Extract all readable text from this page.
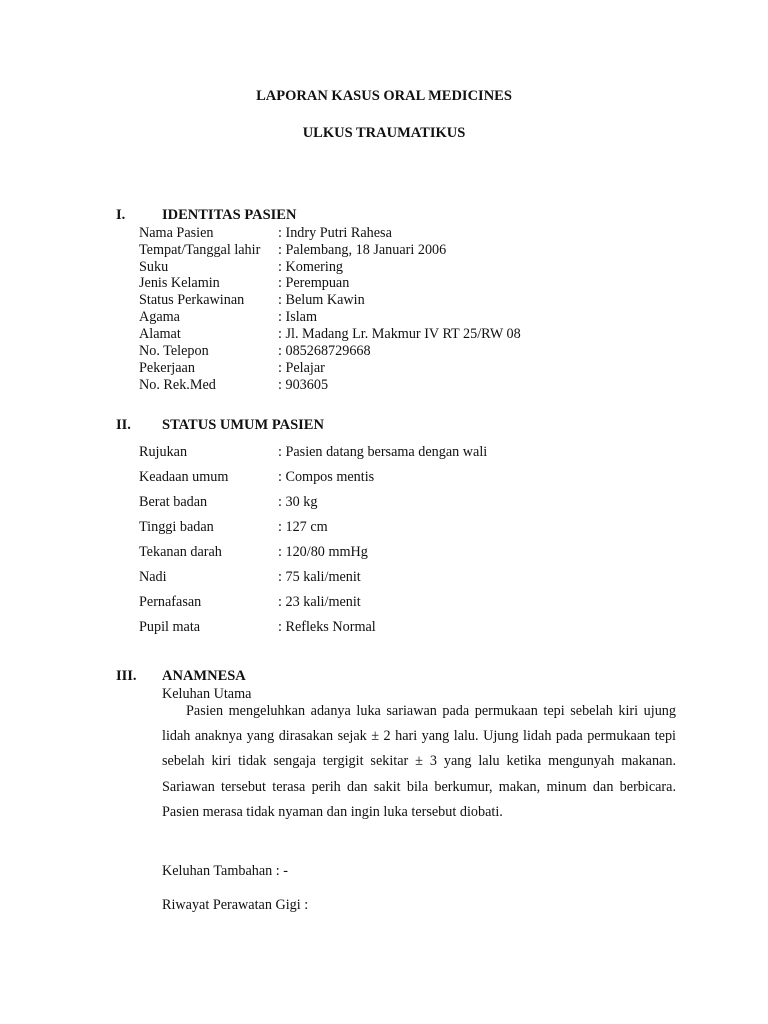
LAPORAN KASUS ORAL MEDICINES
ULKUS TRAUMATIKUS
I.	IDENTITAS PASIEN
Nama Pasien	: Indry Putri Rahesa
Tempat/Tanggal lahir : Palembang, 18 Januari 2006
Suku	: Komering
Jenis Kelamin	: Perempuan
Status Perkawinan : Belum Kawin
Agama	: Islam
Alamat	: Jl. Madang Lr. Makmur IV RT 25/RW 08
No. Telepon	: 085268729668
Pekerjaan	: Pelajar
No. Rek.Med	: 903605
II. STATUS UMUM PASIEN
Rujukan	: Pasien datang bersama dengan wali
Keadaan umum	: Compos mentis
Berat badan	: 30 kg
Tinggi badan	: 127 cm
Tekanan darah	: 120/80 mmHg
Nadi	: 75 kali/menit
Pernafasan	: 23 kali/menit
Pupil mata	: Refleks Normal
III. ANAMNESA
Keluhan Utama
Pasien mengeluhkan adanya luka sariawan pada permukaan tepi sebelah kiri ujung lidah anaknya yang dirasakan sejak ± 2 hari yang lalu. Ujung lidah pada permukaan tepi sebelah kiri tidak sengaja tergigit sekitar ± 3 yang lalu ketika mengunyah makanan. Sariawan tersebut terasa perih dan sakit bila berkumur, makan, minum dan berbicara. Pasien merasa tidak nyaman dan ingin luka tersebut diobati.
Keluhan Tambahan : -
Riwayat Perawatan Gigi :
